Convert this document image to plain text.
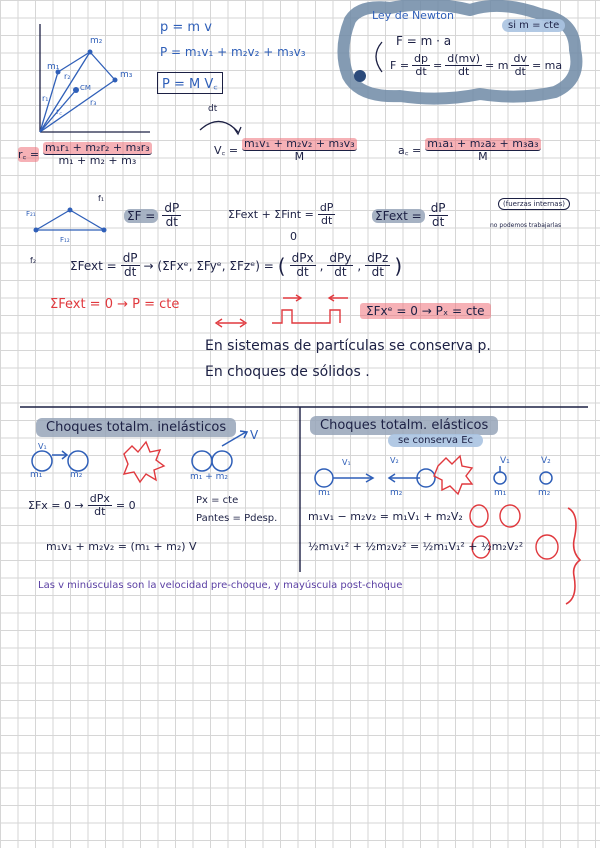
m₁
m₂
m₃
r₁
r₂
r₃
r꜀
CM
p = m v
P = m₁v₁ + m₂v₂ + m₃v₃
P = M V꜀
Ley de Newton
si m = cte
F = m · a
$F = \frac{dp}{dt} = \frac{d(mv)}{dt} = m \frac{dv}{dt}$ = ma
dt
r꜀ = $\frac{\text{m₁r₁ + m₂r₂ + m₃r₃}}{\text{m₁ + m₂ + m₃}}$	V꜀ = $\frac{\text{m₁v₁ + m₂v₂ + m₃v₃}}{M}$	a꜀ = $\frac{\text{m₁a₁ + m₂a₂ + m₃a₃}}{M}$
F₂₁
F₁₂
f₁
f₂
$\Sigma F = \frac{dP}{dt}$	ΣFext + ΣFint = $\frac{dP}{dt}$
0
ΣFext = $\frac{dP}{dt}$	(fuerzas internas)
no podemos trabajarlas
ΣFext = $\frac{dP}{dt}$ → (ΣFxᵉ, ΣFyᵉ, ΣFzᵉ) = ( $\frac{\text{dPx}}{dt}$ , $\frac{\text{dPy}}{dt}$ , $\frac{\text{dPz}}{dt}$ )
ΣFext = 0 → P = cte	ΣFxᵉ = 0 → Pₓ = cte
En sistemas de partículas se conserva p.
En choques de sólidos .
Choques totalm. inelásticos
V₁
m₁	m₂
V
m₁ + m₂
$\Sigma Fx = 0 \to \frac{\text{dPx}}{dt} = 0$	Px = cte
Pantes = Pdesp.
m₁v₁ + m₂v₂ = (m₁ + m₂) V
Choques totalm. elásticos
se conserva Ec
V₁	V₂
m₁	m₂
V₁	V₂
m₁	m₂
m₁v₁ − m₂v₂ = m₁V₁ + m₂V₂
½m₁v₁² + ½m₂v₂² = ½m₁V₁² + ½m₂V₂²
Las v minúsculas son la velocidad pre-choque, y mayúscula post-choque
